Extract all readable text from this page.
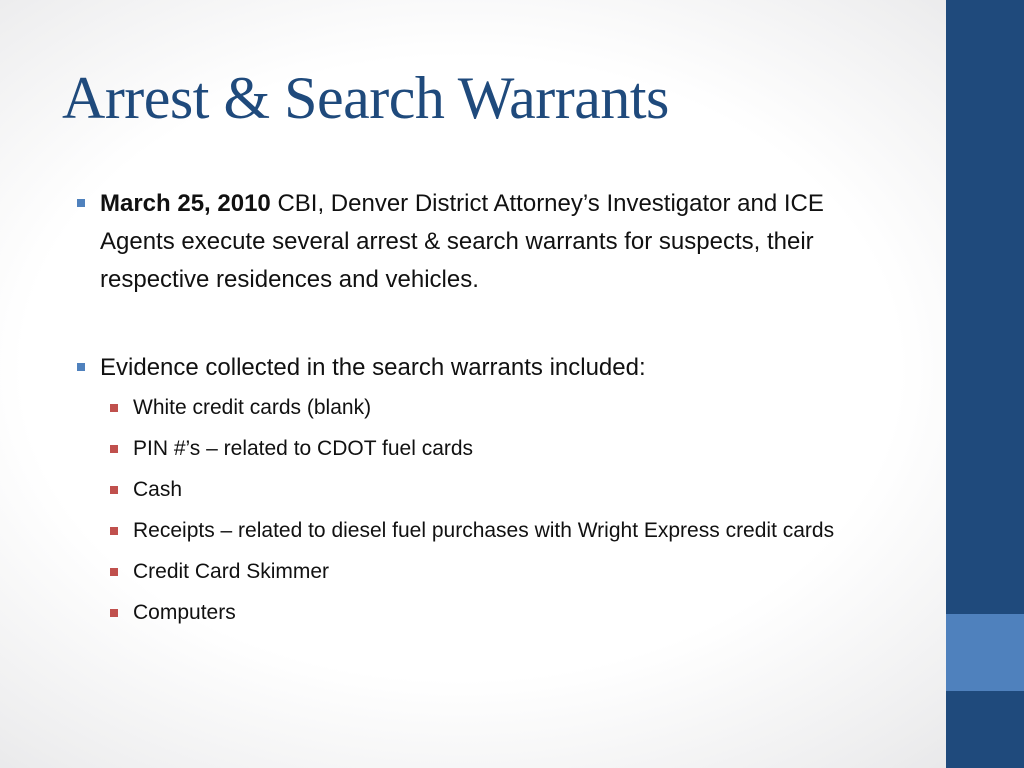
Arrest & Search Warrants
March 25, 2010 CBI, Denver District Attorney’s Investigator and ICE Agents execute several arrest & search warrants for suspects, their respective residences and vehicles.
Evidence collected in the search warrants included:
White credit cards (blank)
PIN #’s – related to CDOT fuel cards
Cash
Receipts – related to diesel fuel purchases with Wright Express credit cards
Credit Card Skimmer
Computers
